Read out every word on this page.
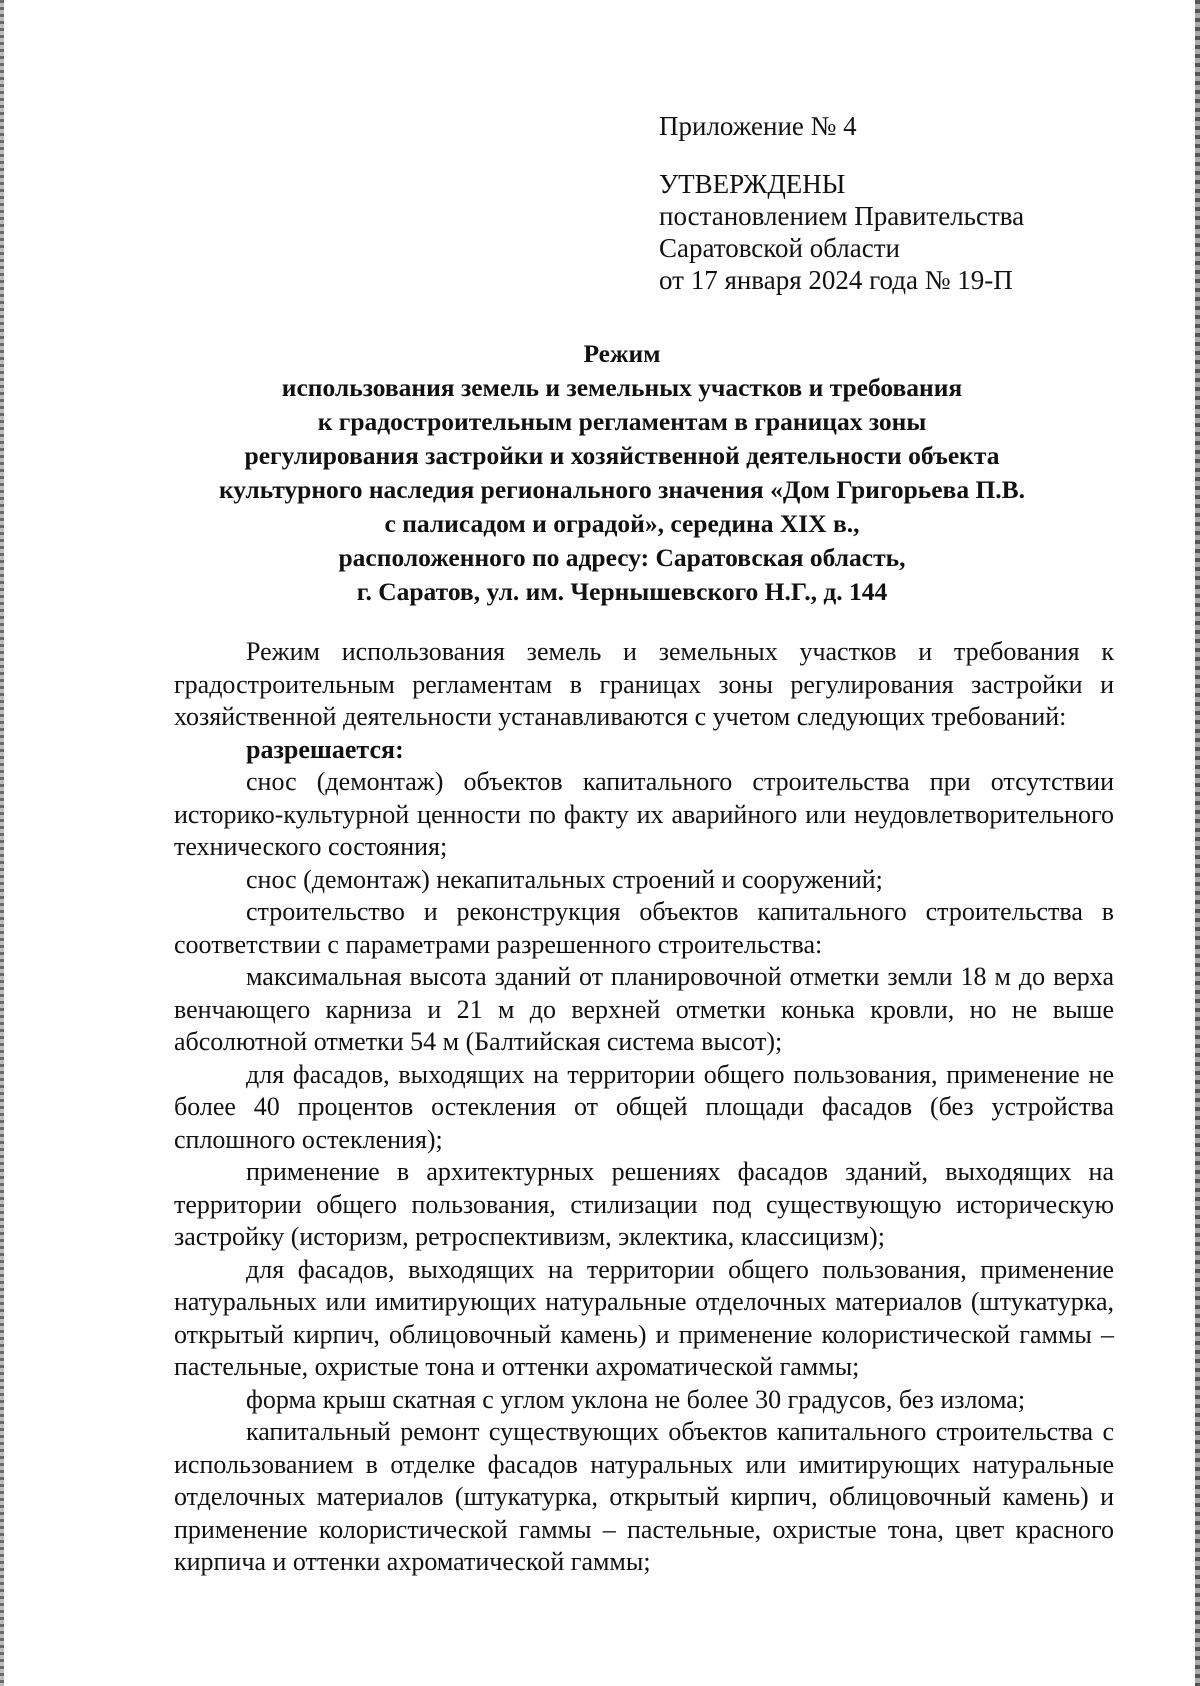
Приложение № 4
УТВЕРЖДЕНЫ
постановлением Правительства
Саратовской области
от 17 января 2024 года № 19-П
Режим
использования земель и земельных участков и требования
к градостроительным регламентам в границах зоны
регулирования застройки и хозяйственной деятельности объекта
культурного наследия регионального значения «Дом Григорьева П.В.
с палисадом и оградой», середина XIX в.,
расположенного по адресу: Саратовская область,
г. Саратов, ул. им. Чернышевского Н.Г., д. 144

Режим использования земель и земельных участков и требования к градостроительным регламентам в границах зоны регулирования застройки и хозяйственной деятельности устанавливаются с учетом следующих требований:

разрешается:

снос (демонтаж) объектов капитального строительства при отсутствии историко-культурной ценности по факту их аварийного или неудовлетворительного технического состояния;

снос (демонтаж) некапитальных строений и сооружений;

строительство и реконструкция объектов капитального строительства в соответствии с параметрами разрешенного строительства:

максимальная высота зданий от планировочной отметки земли 18 м до верха венчающего карниза и 21 м до верхней отметки конька кровли, но не выше абсолютной отметки 54 м (Балтийская система высот);

для фасадов, выходящих на территории общего пользования, применение не более 40 процентов остекления от общей площади фасадов (без устройства сплошного остекления);

применение в архитектурных решениях фасадов зданий, выходящих на территории общего пользования, стилизации под существующую историческую застройку (историзм, ретроспективизм, эклектика, классицизм);

для фасадов, выходящих на территории общего пользования, применение натуральных или имитирующих натуральные отделочных материалов (штукатурка, открытый кирпич, облицовочный камень) и применение колористической гаммы – пастельные, охристые тона и оттенки ахроматической гаммы;

форма крыш скатная с углом уклона не более 30 градусов, без излома;

капитальный ремонт существующих объектов капитального строительства с использованием в отделке фасадов натуральных или имитирующих натуральные отделочных материалов (штукатурка, открытый кирпич, облицовочный камень) и применение колористической гаммы – пастельные, охристые тона, цвет красного кирпича и оттенки ахроматической гаммы;
